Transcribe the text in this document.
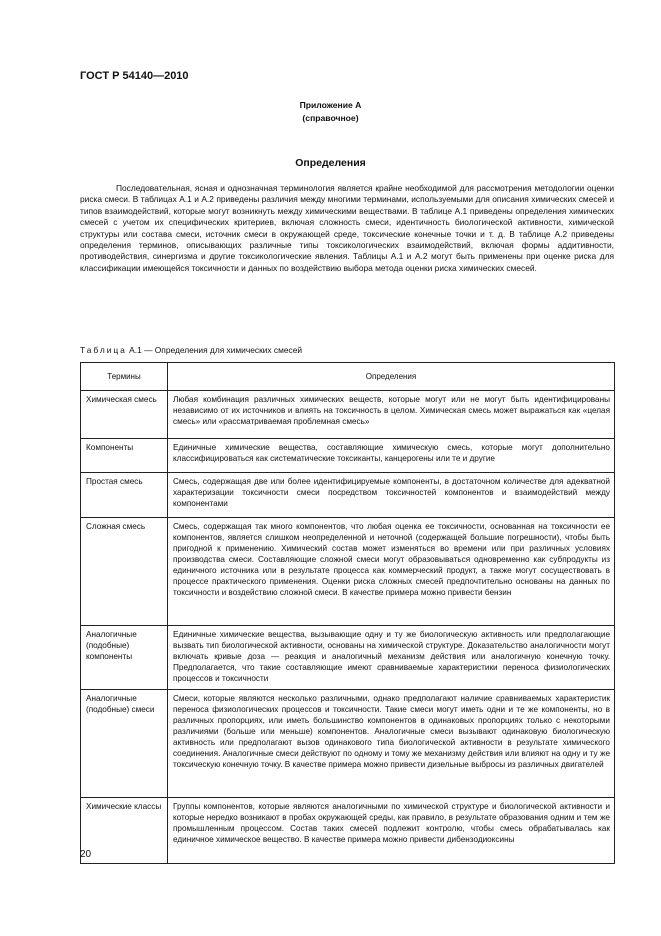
ГОСТ Р 54140—2010
Приложение А
(справочное)
Определения

Последовательная, ясная и однозначная терминология является крайне необходимой для рассмотрения методологии оценки риска смеси. В таблицах А.1 и А.2 приведены различия между многими терминами, используемыми для описания химических смесей и типов взаимодействий, которые могут возникнуть между химическими веществами. В таблице А.1 приведены определения химических смесей с учетом их специфических критериев, включая сложность смеси, идентичность биологической активности, химической структуры или состава смеси, источник смеси в окружающей среде, токсические конечные точки и т. д. В таблице А.2 приведены определения терминов, описывающих различные типы токсикологических взаимодействий, включая формы аддитивности, противодействия, синергизма и другие токсикологические явления. Таблицы А.1 и А.2 могут быть применены при оценке риска для классификации имеющейся токсичности и данных по воздействию выбора метода оценки риска химических смесей.

Таблица А.1 — Определения для химических смесей
Термины	Определения
Химическая смесь	Любая комбинация различных химических веществ, которые могут или не могут быть идентифицированы независимо от их источников и влиять на токсичность в целом. Химическая смесь может выражаться как «целая смесь» или «рассматриваемая проблемная смесь»
Компоненты	Единичные химические вещества, составляющие химическую смесь, которые могут дополнительно классифицироваться как систематические токсиканты, канцерогены или те и другие
Простая смесь	Смесь, содержащая две или более идентифицируемые компоненты, в достаточном количестве для адекватной характеризации токсичности смеси посредством токсичностей компонентов и взаимодействий между компонентами
Сложная смесь	Смесь, содержащая так много компонентов, что любая оценка ее токсичности, основанная на токсичности ее компонентов, является слишком неопределенной и неточной (содержащей большие погрешности), чтобы быть пригодной к применению. Химический состав может изменяться во времени или при различных условиях производства смеси. Составляющие сложной смеси могут образовываться одновременно как субпродукты из единичного источника или в результате процесса как коммерческий продукт, а также могут сосуществовать в процессе практического применения. Оценки риска сложных смесей предпочтительно основаны на данных по токсичности и воздействию сложной смеси. В качестве примера можно привести бензин
Аналогичные (подобные) компоненты	Единичные химические вещества, вызывающие одну и ту же биологическую активность или предполагающие вызвать тип биологической активности, основаны на химической структуре. Доказательство аналогичности могут включать кривые доза — реакция и аналогичный механизм действия или аналогичную конечную точку. Предполагается, что такие составляющие имеют сравниваемые характеристики переноса физиологических процессов и токсичности
Аналогичные (подобные) смеси	Смеси, которые являются несколько различными, однако предполагают наличие сравниваемых характеристик переноса физиологических процессов и токсичности. Такие смеси могут иметь одни и те же компоненты, но в различных пропорциях, или иметь большинство компонентов в одинаковых пропорциях только с некоторыми различиями (больше или меньше) компонентов. Аналогичные смеси вызывают одинаковую биологическую активность или предполагают вызов одинакового типа биологической активности в результате химического соединения. Аналогичные смеси действуют по одному и тому же механизму действия или влияют на одну и ту же токсическую конечную точку. В качестве примера можно привести дизельные выбросы из различных двигателей
Химические классы	Группы компонентов, которые являются аналогичными по химической структуре и биологической активности и которые нередко возникают в пробах окружающей среды, как правило, в результате образования одним и тем же промышленным процессом. Состав таких смесей подлежит контролю, чтобы смесь обрабатывалась как единичное химическое вещество. В качестве примера можно привести дибензодиоксины
20
